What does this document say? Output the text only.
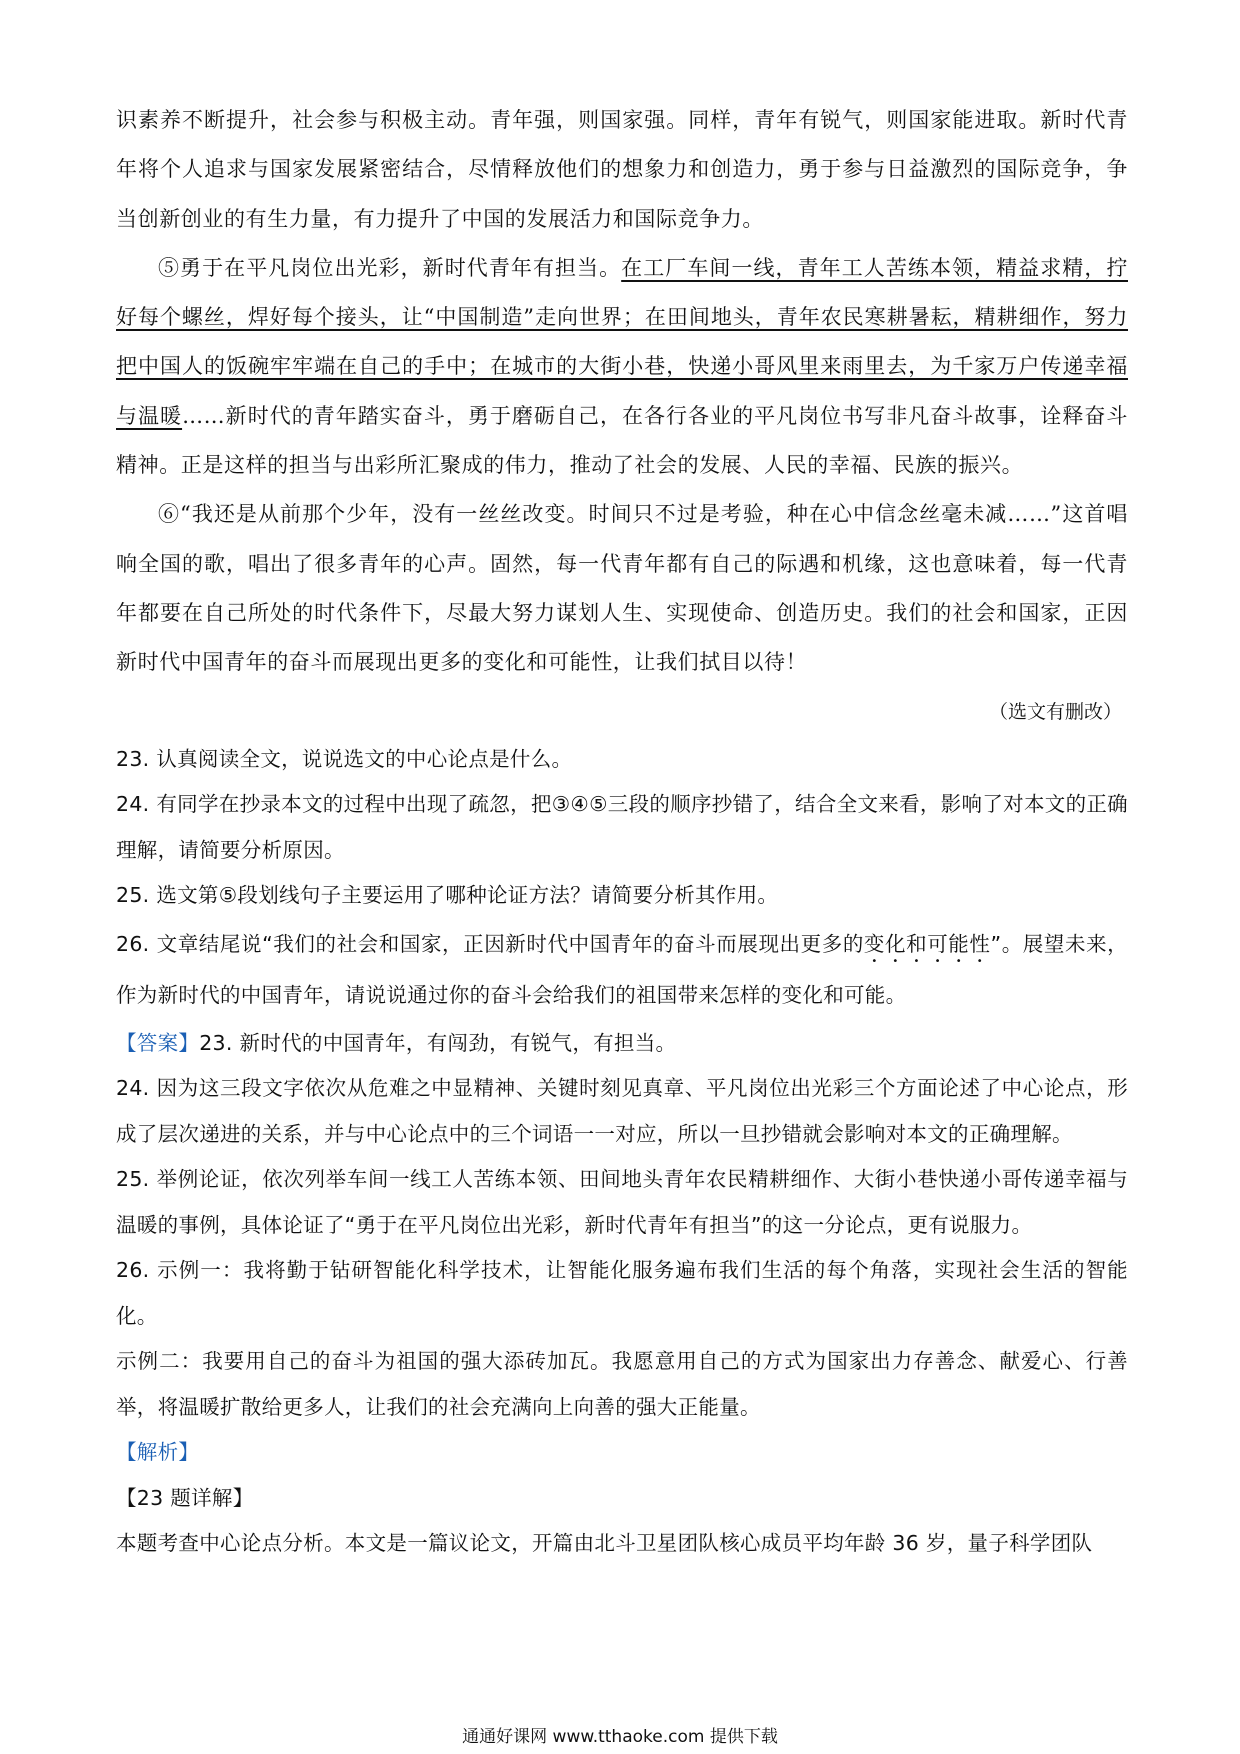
识素养不断提升，社会参与积极主动。青年强，则国家强。同样，青年有锐气，则国家能进取。新时代青年将个人追求与国家发展紧密结合，尽情释放他们的想象力和创造力，勇于参与日益激烈的国际竞争，争当创新创业的有生力量，有力提升了中国的发展活力和国际竞争力。

⑤勇于在平凡岗位出光彩，新时代青年有担当。在工厂车间一线，青年工人苦练本领，精益求精，拧好每个螺丝，焊好每个接头，让“中国制造”走向世界；在田间地头，青年农民寒耕暑耘，精耕细作，努力把中国人的饭碗牢牢端在自己的手中；在城市的大街小巷，快递小哥风里来雨里去，为千家万户传递幸福与温暖……新时代的青年踏实奋斗，勇于磨砺自己，在各行各业的平凡岗位书写非凡奋斗故事，诠释奋斗精神。正是这样的担当与出彩所汇聚成的伟力，推动了社会的发展、人民的幸福、民族的振兴。

⑥“我还是从前那个少年，没有一丝丝改变。时间只不过是考验，种在心中信念丝毫未减……”这首唱响全国的歌，唱出了很多青年的心声。固然，每一代青年都有自己的际遇和机缘，这也意味着，每一代青年都要在自己所处的时代条件下，尽最大努力谋划人生、实现使命、创造历史。我们的社会和国家，正因新时代中国青年的奋斗而展现出更多的变化和可能性，让我们拭目以待！

（选文有删改）

23. 认真阅读全文，说说选文的中心论点是什么。

24. 有同学在抄录本文的过程中出现了疏忽，把③④⑤三段的顺序抄错了，结合全文来看，影响了对本文的正确理解，请简要分析原因。

25. 选文第⑤段划线句子主要运用了哪种论证方法？请简要分析其作用。

26. 文章结尾说“我们的社会和国家，正因新时代中国青年的奋斗而展现出更多的变化和可能性”。展望未来，作为新时代的中国青年，请说说通过你的奋斗会给我们的祖国带来怎样的变化和可能。

【答案】23. 新时代的中国青年，有闯劲，有锐气，有担当。

24. 因为这三段文字依次从危难之中显精神、关键时刻见真章、平凡岗位出光彩三个方面论述了中心论点，形成了层次递进的关系，并与中心论点中的三个词语一一对应，所以一旦抄错就会影响对本文的正确理解。

25. 举例论证，依次列举车间一线工人苦练本领、田间地头青年农民精耕细作、大街小巷快递小哥传递幸福与温暖的事例，具体论证了“勇于在平凡岗位出光彩，新时代青年有担当”的这一分论点，更有说服力。

26. 示例一：我将勤于钻研智能化科学技术，让智能化服务遍布我们生活的每个角落，实现社会生活的智能化。

示例二：我要用自己的奋斗为祖国的强大添砖加瓦。我愿意用自己的方式为国家出力存善念、献爱心、行善举，将温暖扩散给更多人，让我们的社会充满向上向善的强大正能量。

【解析】

【23 题详解】

本题考查中心论点分析。本文是一篇议论文，开篇由北斗卫星团队核心成员平均年龄 36 岁，量子科学团队

通通好课网 www.tthaoke.com 提供下载
